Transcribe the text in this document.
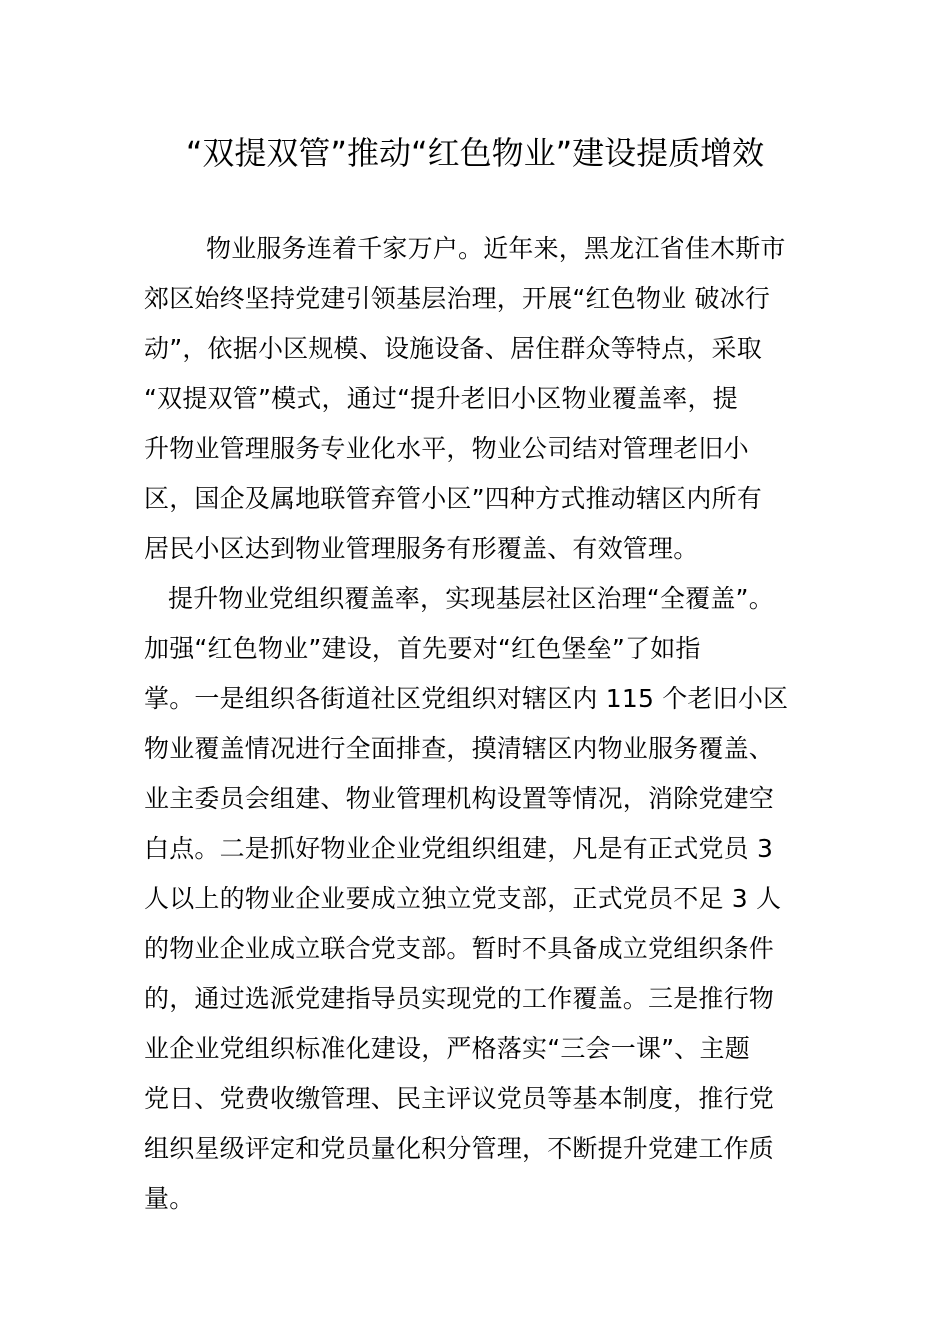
“双提双管”推动“红色物业”建设提质增效

物业服务连着千家万户。近年来，黑龙江省佳木斯市

郊区始终坚持党建引领基层治理，开展“红色物业 破冰行

动”，依据小区规模、设施设备、居住群众等特点，采取

“双提双管”模式，通过“提升老旧小区物业覆盖率，提

升物业管理服务专业化水平，物业公司结对管理老旧小

区，国企及属地联管弃管小区”四种方式推动辖区内所有

居民小区达到物业管理服务有形覆盖、有效管理。

提升物业党组织覆盖率，实现基层社区治理“全覆盖”。

加强“红色物业”建设，首先要对“红色堡垒”了如指

掌。一是组织各街道社区党组织对辖区内 115 个老旧小区

物业覆盖情况进行全面排查，摸清辖区内物业服务覆盖、

业主委员会组建、物业管理机构设置等情况，消除党建空

白点。二是抓好物业企业党组织组建，凡是有正式党员 3

人以上的物业企业要成立独立党支部，正式党员不足 3 人

的物业企业成立联合党支部。暂时不具备成立党组织条件

的，通过选派党建指导员实现党的工作覆盖。三是推行物

业企业党组织标准化建设，严格落实“三会一课”、主题

党日、党费收缴管理、民主评议党员等基本制度，推行党

组织星级评定和党员量化积分管理，不断提升党建工作质

量。
